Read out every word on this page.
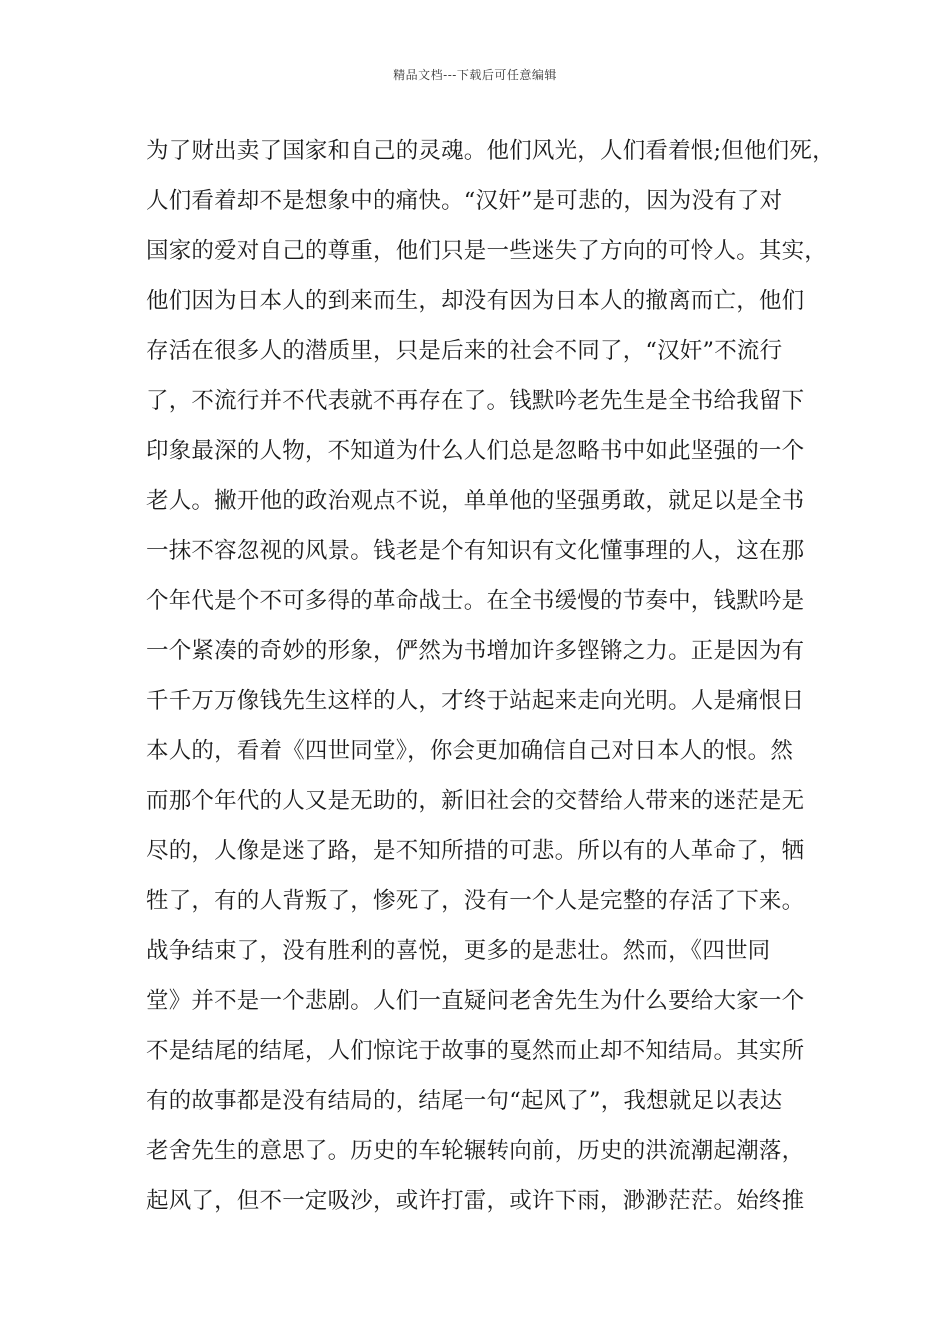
精品文档---下载后可任意编辑
为了财出卖了国家和自己的灵魂。他们风光，人们看着恨;但他们死，
人们看着却不是想象中的痛快。“汉奸”是可悲的，因为没有了对
国家的爱对自己的尊重，他们只是一些迷失了方向的可怜人。其实，
他们因为日本人的到来而生，却没有因为日本人的撤离而亡，他们
存活在很多人的潜质里，只是后来的社会不同了，“汉奸”不流行
了，不流行并不代表就不再存在了。钱默吟老先生是全书给我留下
印象最深的人物，不知道为什么人们总是忽略书中如此坚强的一个
老人。撇开他的政治观点不说，单单他的坚强勇敢，就足以是全书
一抹不容忽视的风景。钱老是个有知识有文化懂事理的人，这在那
个年代是个不可多得的革命战士。在全书缓慢的节奏中，钱默吟是
一个紧凑的奇妙的形象，俨然为书增加许多铿锵之力。正是因为有
千千万万像钱先生这样的人，才终于站起来走向光明。人是痛恨日
本人的，看着《四世同堂》，你会更加确信自己对日本人的恨。然
而那个年代的人又是无助的，新旧社会的交替给人带来的迷茫是无
尽的，人像是迷了路，是不知所措的可悲。所以有的人革命了，牺
牲了，有的人背叛了，惨死了，没有一个人是完整的存活了下来。
战争结束了，没有胜利的喜悦，更多的是悲壮。然而，《四世同
堂》并不是一个悲剧。人们一直疑问老舍先生为什么要给大家一个
不是结尾的结尾，人们惊诧于故事的戛然而止却不知结局。其实所
有的故事都是没有结局的，结尾一句“起风了”，我想就足以表达
老舍先生的意思了。历史的车轮辗转向前，历史的洪流潮起潮落，
起风了，但不一定吸沙，或许打雷，或许下雨，渺渺茫茫。始终推
